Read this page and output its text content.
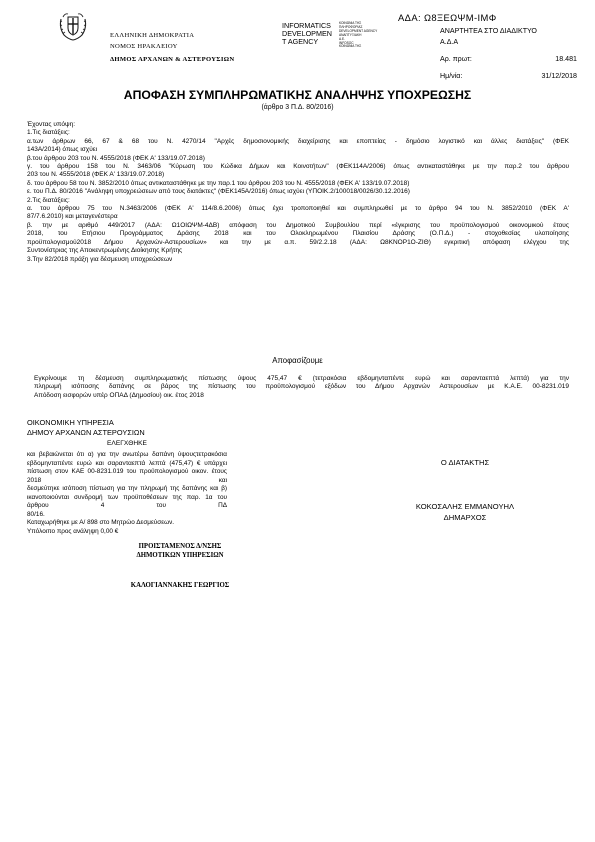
ΕΛΛΗΝΙΚΗ ΔΗΜΟΚΡΑΤΙΑ
ΝΟΜΟΣ ΗΡΑΚΛΕΙΟΥ
ΔΗΜΟΣ ΑΡΧΑΝΩΝ & ΑΣΤΕΡΟΥΣΙΩΝ
INFORMATICS
DEVELOPMEN
T AGENCY
ΚΟΙΝΩΝΙΑ ΤΗΣ
ΠΛΗΡΟΦΟΡΙΑΣ
DEVELOPMENT AGENCY
ΑΝΑΠΤΥΞΙΑΚΗ
Α.Ε.
INFOSOC
ΚΟΙΝΩΝΙΑ ΤΗΣ
ΑΔΑ: Ω8ΞΕΩΨΜ-ΙΜΦ
ΑΝΑΡΤΗΤΕΑ ΣΤΟ ΔΙΑΔΙΚΤΥΟ
Α.Δ.Α
Αρ. πρωτ:	18.481
Ημ/νία:	31/12/2018
ΑΠΟΦΑΣΗ ΣΥΜΠΛΗΡΩΜΑΤΙΚΗΣ ΑΝΑΛΗΨΗΣ ΥΠΟΧΡΕΩΣΗΣ
(άρθρο 3 Π.Δ. 80/2016)
Έχοντας υπόψη:
1.Τις διατάξεις:
α.των άρθρων 66, 67 & 68 του Ν. 4270/14 "Αρχές δημοσιονομικής διαχείρισης και εποπτείας - δημόσιο λογιστικό και άλλες διατάξεις" (ΦΕΚ
143Α/2014) όπως ισχύει
β.του άρθρου 203 του Ν. 4555/2018 (ΦΕΚ Α' 133/19.07.2018)
γ. του άρθρου 158 του Ν. 3463/06 "Κύρωση του Κώδικα Δήμων και Κοινοτήτων" (ΦΕΚ114Α/2006) όπως αντικαταστάθηκε με την παρ.2 του άρθρου
203 του Ν. 4555/2018 (ΦΕΚ Α' 133/19.07.2018)
δ. του άρθρου 58 του Ν. 3852/2010 όπως αντικαταστάθηκε με την παρ.1 του άρθρου 203 του Ν. 4555/2018 (ΦΕΚ Α' 133/19.07.2018)
ε. του Π.Δ. 80/2016 "Ανάληψη υποχρεώσεων από τους διατάκτες" (ΦΕΚ145Α/2016) όπως ισχύει (ΥΠΟΙΚ.2/100018/0026/30.12.2016)
2.Τις διατάξεις:
α. του άρθρου 75 του Ν.3463/2006 (ΦΕΚ Α' 114/8.6.2006) όπως έχει τροποποιηθεί και συμπληρωθεί με το άρθρο 94 του Ν. 3852/2010 (ΦΕΚ Α'
87/7.6.2010) και μεταγενέστερα
β. την με αριθμό 449/2017 (ΑΔΑ: Ω1ΟΙΩΨΜ-4ΔΒ) απόφαση του Δημοτικού Συμβουλίου περί «έγκρισης του προϋπολογισμού οικονομικού έτους
2018, του Ετήσιου Προγράμματος Δράσης 2018 και του Ολοκληρωμένου Πλαισίου Δράσης (Ο.Π.Δ.) - στοχοθεσίας υλοποίησης
προϋπολογισμού2018 Δήμου Αρχανών-Αστερουσίων» και την με α.π. 59/2.2.18 (ΑΔΑ: Ω8ΚΝΟΡ1Ο-ΖΙΘ) εγκριτική απόφαση ελέγχου της
Συντονίστριας της Αποκεντρωμένης Διοίκησης Κρήτης
3.Την 82/2018 πράξη για δέσμευση υποχρεώσεων
Αποφασίζουμε
Εγκρίνουμε τη δέσμευση συμπληρωματικής πίστωσης ύψους 475,47 € (τετρακόσια εβδομηνταπέντε ευρώ και σαρανταεπτά λεπτά) για την
πληρωμή ισόποσης δαπάνης σε βάρος της πίστωσης του προϋπολογισμού εξόδων του Δήμου Αρχανών Αστερουσίων με Κ.Α.Ε. 00-8231.019
Απόδοση εισφορών υπέρ ΟΠΑΔ (Δημοσίου) οικ. έτος 2018
ΟΙΚΟΝΟΜΙΚΗ ΥΠΗΡΕΣΙΑ
ΔΗΜΟΥ ΑΡΧΑΝΩΝ ΑΣΤΕΡΟΥΣΙΩΝ
ΕΛΕΓΧΘΗΚΕ
και βεβαιώνεται ότι α) για την ανωτέρω δαπάνη ύψουςτετρακόσια
εβδομηνταπέντε ευρώ και σαρανταεπτά λεπτά (475,47) € υπάρχει
πίστωση στον ΚΑΕ 00-8231.019 του προϋπολογισμού οικον. έτους 2018 και
δεσμεύτηκε ισόποση πίστωση για την πληρωμή της δαπάνης και β)
ικανοποιούνται συνδρομή των προϋποθέσεων της παρ. 1α του άρθρου 4 του ΠΔ
80/16.
Καταχωρήθηκε με Α/ 898 στο Μητρώο Δεσμεύσεων.
Υπόλοιπο προς ανάληψη 0,00 €
Ο ΔΙΑΤΑΚΤΗΣ
ΚΟΚΟΣΑΛΗΣ ΕΜΜΑΝΟΥΗΛ
ΔΗΜΑΡΧΟΣ
ΠΡΟΙΣΤΑΜΕΝΟΣ Δ/ΝΣΗΣ
ΔΗΜΟΤΙΚΩΝ ΥΠΗΡΕΣΙΩΝ
ΚΑΛΟΓΙΑΝΝΑΚΗΣ ΓΕΩΡΓΙΟΣ
